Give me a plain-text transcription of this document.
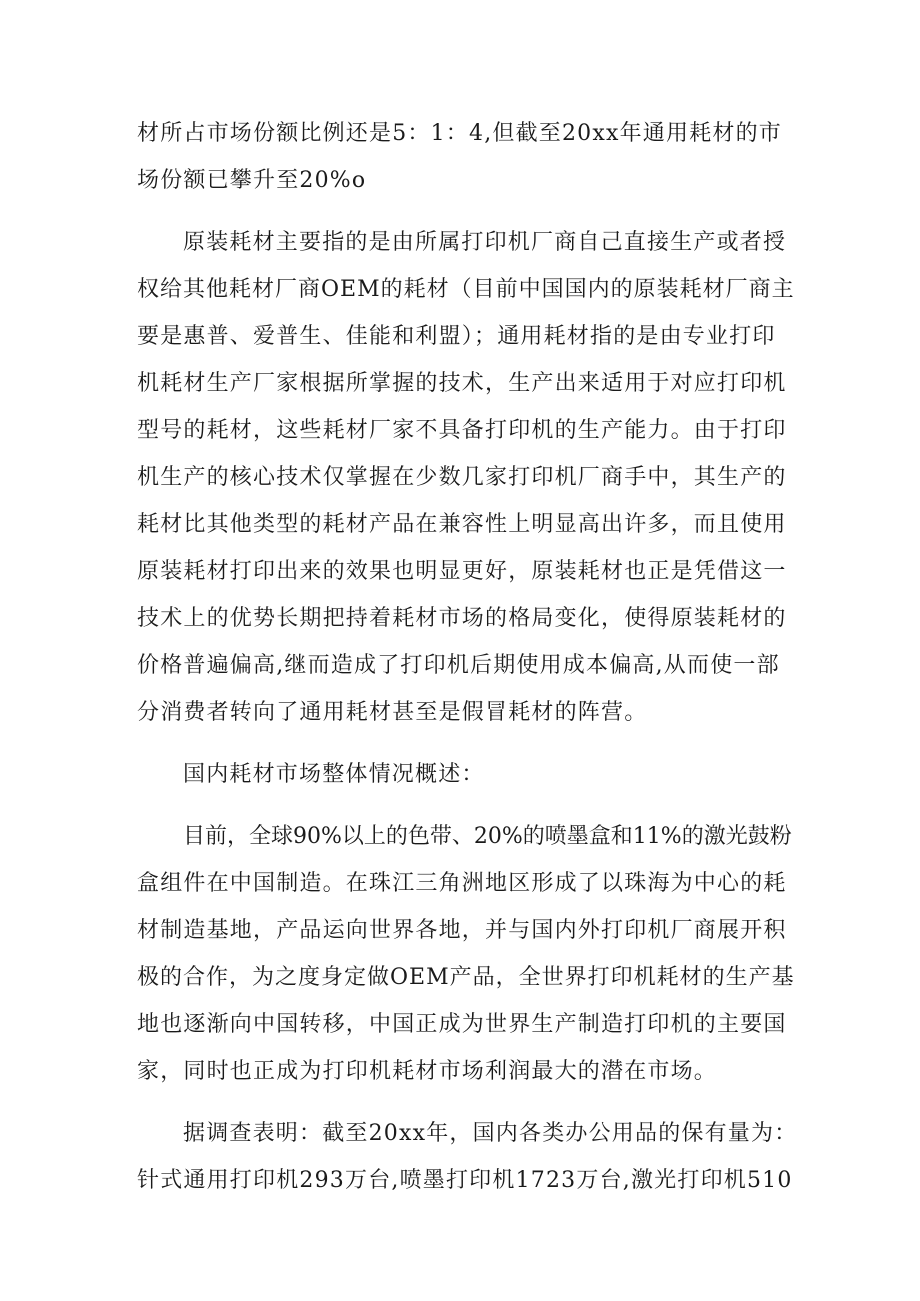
材所占市场份额比例还是5：1：4,但截至20xx年通用耗材的市
场份额已攀升至20%o
原装耗材主要指的是由所属打印机厂商自己直接生产或者授
权给其他耗材厂商OEM的耗材（目前中国国内的原装耗材厂商主
要是惠普、爱普生、佳能和利盟）；通用耗材指的是由专业打印
机耗材生产厂家根据所掌握的技术，生产出来适用于对应打印机
型号的耗材，这些耗材厂家不具备打印机的生产能力。由于打印
机生产的核心技术仅掌握在少数几家打印机厂商手中，其生产的
耗材比其他类型的耗材产品在兼容性上明显高出许多，而且使用
原装耗材打印出来的效果也明显更好，原装耗材也正是凭借这一
技术上的优势长期把持着耗材市场的格局变化，使得原装耗材的
价格普遍偏高,继而造成了打印机后期使用成本偏高,从而使一部
分消费者转向了通用耗材甚至是假冒耗材的阵营。
国内耗材市场整体情况概述：
目前，全球90%以上的色带、20%的喷墨盒和11%的激光鼓粉
盒组件在中国制造。在珠江三角洲地区形成了以珠海为中心的耗
材制造基地，产品运向世界各地，并与国内外打印机厂商展开积
极的合作，为之度身定做OEM产品，全世界打印机耗材的生产基
地也逐渐向中国转移，中国正成为世界生产制造打印机的主要国
家，同时也正成为打印机耗材市场利润最大的潜在市场。
据调查表明：截至20xx年，国内各类办公用品的保有量为：
针式通用打印机293万台,喷墨打印机1723万台,激光打印机510
